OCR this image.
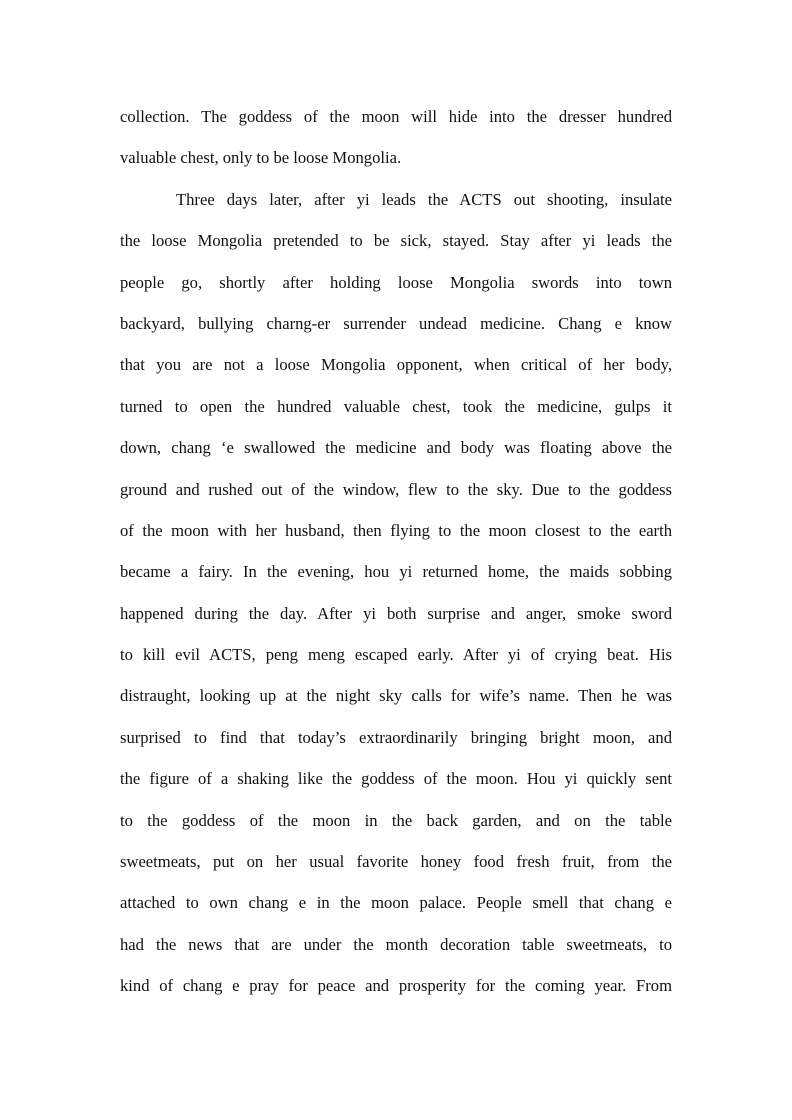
collection. The goddess of the moon will hide into the dresser hundred
valuable chest, only to be loose Mongolia.
Three days later, after yi leads the ACTS out shooting, insulate
the loose Mongolia pretended to be sick, stayed. Stay after yi leads the
people go, shortly after holding loose Mongolia swords into town
backyard, bullying charng-er surrender undead medicine. Chang e know
that you are not a loose Mongolia opponent, when critical of her body,
turned to open the hundred valuable chest, took the medicine, gulps it
down, chang ‘e swallowed the medicine and body was floating above the
ground and rushed out of the window, flew to the sky. Due to the goddess
of the moon with her husband, then flying to the moon closest to the earth
became a fairy. In the evening, hou yi returned home, the maids sobbing
happened during the day. After yi both surprise and anger, smoke sword
to kill evil ACTS, peng meng escaped early. After yi of crying beat. His
distraught, looking up at the night sky calls for wife’s name. Then he was
surprised to find that today’s extraordinarily bringing bright moon, and
the figure of a shaking like the goddess of the moon. Hou yi quickly sent
to the goddess of the moon in the back garden, and on the table
sweetmeats, put on her usual favorite honey food fresh fruit, from the
attached to own chang e in the moon palace. People smell that chang e
had the news that are under the month decoration table sweetmeats, to
kind of chang e pray for peace and prosperity for the coming year. From
